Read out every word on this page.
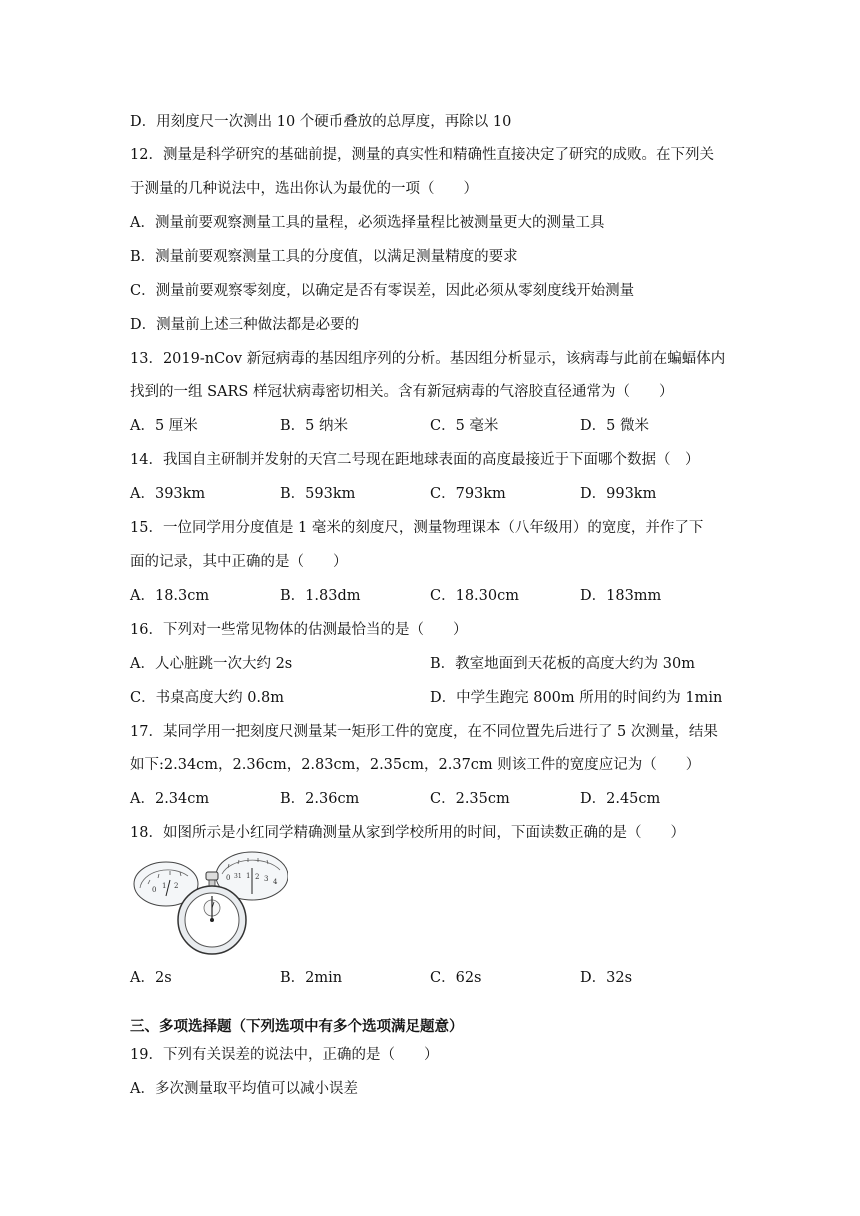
D．用刻度尺一次测出 10 个硬币叠放的总厚度，再除以 10
12．测量是科学研究的基础前提，测量的真实性和精确性直接决定了研究的成败。在下列关
于测量的几种说法中，选出你认为最优的一项（　　）
A．测量前要观察测量工具的量程，必须选择量程比被测量更大的测量工具
B．测量前要观察测量工具的分度值，以满足测量精度的要求
C．测量前要观察零刻度，以确定是否有零误差，因此必须从零刻度线开始测量
D．测量前上述三种做法都是必要的
13．2019-nCov 新冠病毒的基因组序列的分析。基因组分析显示，该病毒与此前在蝙蝠体内
找到的一组 SARS 样冠状病毒密切相关。含有新冠病毒的气溶胶直径通常为（　　）
A．5 厘米	B．5 纳米	C．5 毫米	D．5 微米
14．我国自主研制并发射的天宫二号现在距地球表面的高度最接近于下面哪个数据（　）
A．393km	B．593km	C．793km	D．993km
15．一位同学用分度值是 1 毫米的刻度尺，测量物理课本（八年级用）的宽度，并作了下
面的记录，其中正确的是（　　）
A．18.3cm	B．1.83dm	C．18.30cm	D．183mm
16．下列对一些常见物体的估测最恰当的是（　　）
A．人心脏跳一次大约 2s	B．教室地面到天花板的高度大约为 30m
C．书桌高度大约 0.8m	D．中学生跑完 800m 所用的时间约为 1min
17．某同学用一把刻度尺测量某一矩形工件的宽度，在不同位置先后进行了 5 次测量，结果
如下:2.34cm，2.36cm，2.83cm，2.35cm，2.37cm 则该工件的宽度应记为（　　）
A．2.34cm	B．2.36cm	C．2.35cm	D．2.45cm
18．如图所示是小红同学精确测量从家到学校所用的时间，下面读数正确的是（　　）
0 1 2
0 31 1 2 3 4
A．2s	B．2min	C．62s	D．32s
三、多项选择题（下列选项中有多个选项满足题意）
19．下列有关误差的说法中，正确的是（　　）
A．多次测量取平均值可以减小误差
